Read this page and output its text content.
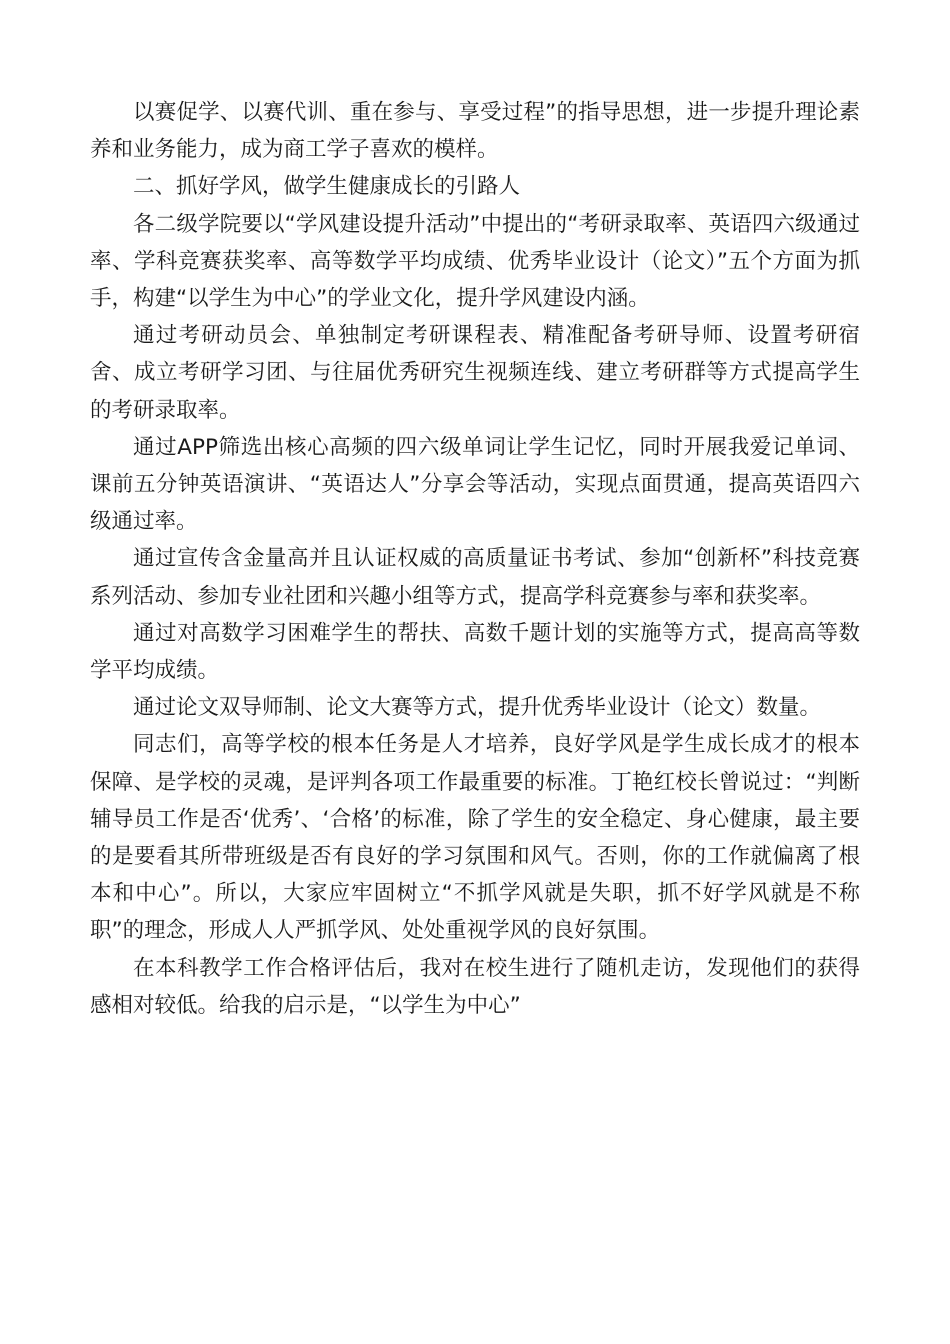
以赛促学、以赛代训、重在参与、享受过程”的指导思想，进一步提升理论素养和业务能力，成为商工学子喜欢的模样。

二、抓好学风，做学生健康成长的引路人

各二级学院要以“学风建设提升活动”中提出的“考研录取率、英语四六级通过率、学科竞赛获奖率、高等数学平均成绩、优秀毕业设计（论文）”五个方面为抓手，构建“以学生为中心”的学业文化，提升学风建设内涵。

通过考研动员会、单独制定考研课程表、精准配备考研导师、设置考研宿舍、成立考研学习团、与往届优秀研究生视频连线、建立考研群等方式提高学生的考研录取率。

通过APP筛选出核心高频的四六级单词让学生记忆，同时开展我爱记单词、课前五分钟英语演讲、“英语达人”分享会等活动，实现点面贯通，提高英语四六级通过率。

通过宣传含金量高并且认证权威的高质量证书考试、参加“创新杯”科技竞赛系列活动、参加专业社团和兴趣小组等方式，提高学科竞赛参与率和获奖率。

通过对高数学习困难学生的帮扶、高数千题计划的实施等方式，提高高等数学平均成绩。

通过论文双导师制、论文大赛等方式，提升优秀毕业设计（论文）数量。

同志们，高等学校的根本任务是人才培养，良好学风是学生成长成才的根本保障、是学校的灵魂，是评判各项工作最重要的标准。丁艳红校长曾说过：“判断辅导员工作是否‘优秀’、‘合格’的标准，除了学生的安全稳定、身心健康，最主要的是要看其所带班级是否有良好的学习氛围和风气。否则，你的工作就偏离了根本和中心”。所以，大家应牢固树立“不抓学风就是失职，抓不好学风就是不称职”的理念，形成人人严抓学风、处处重视学风的良好氛围。

在本科教学工作合格评估后，我对在校生进行了随机走访，发现他们的获得感相对较低。给我的启示是，“以学生为中心”
